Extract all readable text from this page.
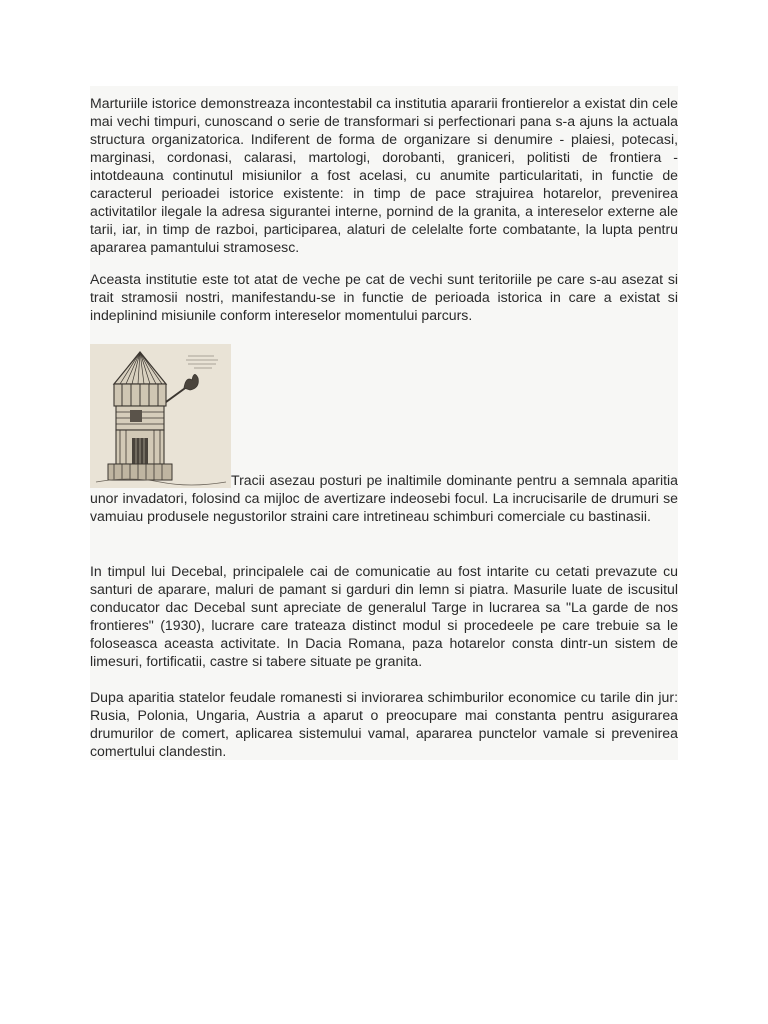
Marturiile istorice demonstreaza incontestabil ca institutia apararii frontierelor a existat din cele mai vechi timpuri, cunoscand o serie de transformari si perfectionari pana s-a ajuns la actuala structura organizatorica. Indiferent de forma de organizare si denumire - plaiesi, potecasi, marginasi, cordonasi, calarasi, martologi, dorobanti, graniceri, politisti de frontiera - intotdeauna continutul misiunilor a fost acelasi, cu anumite particularitati, in functie de caracterul perioadei istorice existente: in timp de pace strajuirea hotarelor, prevenirea activitatilor ilegale la adresa sigurantei interne, pornind de la granita, a intereselor externe ale tarii, iar, in timp de razboi, participarea, alaturi de celelalte forte combatante, la lupta pentru apararea pamantului stramosesc.

Aceasta institutie este tot atat de veche pe cat de vechi sunt teritoriile pe care s-au asezat si trait stramosii nostri, manifestandu-se in functie de perioada istorica in care a existat si indeplinind misiunile conform intereselor momentului parcurs.

Tracii asezau posturi pe inaltimile dominante pentru a semnala aparitia unor invadatori, folosind ca mijloc de avertizare indeosebi focul. La incrucisarile de drumuri se vamuiau produsele negustorilor straini care intretineau schimburi comerciale cu bastinasii.

In timpul lui Decebal, principalele cai de comunicatie au fost intarite cu cetati prevazute cu santuri de aparare, maluri de pamant si garduri din lemn si piatra. Masurile luate de iscusitul conducator dac Decebal sunt apreciate de generalul Targe in lucrarea sa "La garde de nos frontieres" (1930), lucrare care trateaza distinct modul si procedeele pe care trebuie sa le foloseasca aceasta activitate. In Dacia Romana, paza hotarelor consta dintr-un sistem de limesuri, fortificatii, castre si tabere situate pe granita.

Dupa aparitia statelor feudale romanesti si inviorarea schimburilor economice cu tarile din jur: Rusia, Polonia, Ungaria, Austria a aparut o preocupare mai constanta pentru asigurarea drumurilor de comert, aplicarea sistemului vamal, apararea punctelor vamale si prevenirea comertului clandestin.
